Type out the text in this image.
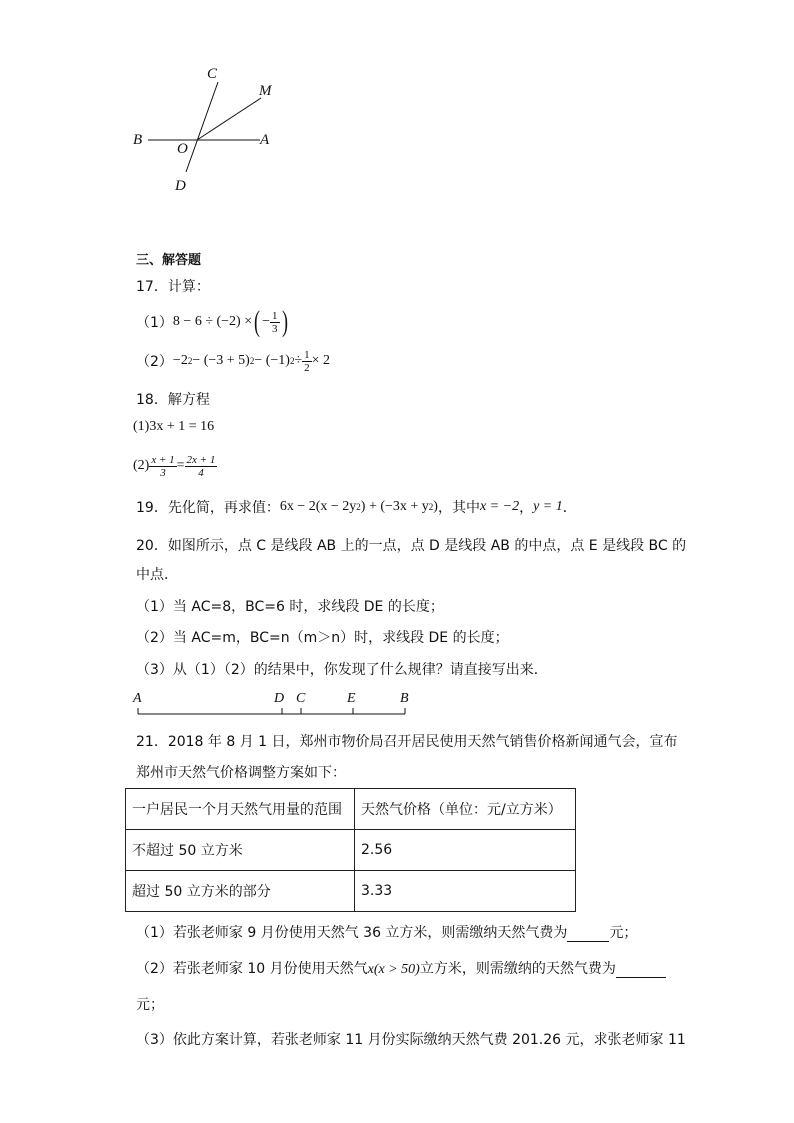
C
M
B
O
A
D
三、解答题
17．计算：
（1） 8 − 6 ÷ (−2) × ( − $\frac{1}{3}$ )
（2） −2 2 − (−3 + 5) 2 − (−1) $2 \div \frac{1}{2} \times 2$
18．解方程
(1) 3x + 1 = 16
$(2) \frac{x + 1}{3} = \frac{2x + 1}{4}$
19．先化简，再求值： 6x − 2(x − 2y 2 ) + (−3x + y 2 ) ，其中 x = −2 ， y = 1 ．
20．如图所示，点 C 是线段 AB 上的一点，点 D 是线段 AB 的中点，点 E 是线段 BC 的
中点．
（1）当 AC=8，BC=6 时，求线段 DE 的长度；
（2）当 AC=m，BC=n（m＞n）时，求线段 DE 的长度；
（3）从（1）（2）的结果中，你发现了什么规律？请直接写出来．
A	D C	E	B
21．2018 年 8 月 1 日，郑州市物价局召开居民使用天然气销售价格新闻通气会，宣布
郑州市天然气价格调整方案如下：
一户居民一个月天然气用量的范围	天然气价格（单位：元/立方米）
不超过 50 立方米	2.56
超过 50 立方米的部分	3.33
（1）若张老师家 9 月份使用天然气 36 立方米，则需缴纳天然气费为
	元；
（2）若张老师家 10 月份使用天然气 x(x > 50) 立方米，则需缴纳的天然气费为

元；
（3）依此方案计算，若张老师家 11 月份实际缴纳天然气费 201.26 元，求张老师家 11
